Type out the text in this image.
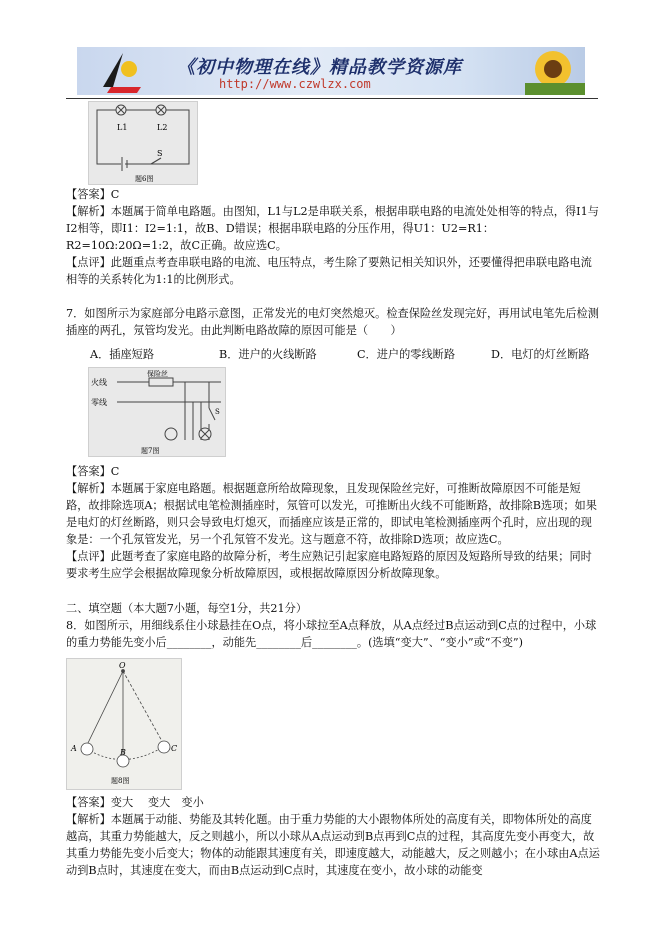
《初中物理在线》精品教学资源库
http://www.czwlzx.com
L1	L2
S
题6图

【答案】C

【解析】本题属于简单电路题。由图知，L1与L2是串联关系，根据串联电路的电流处处相等的特点，得I1与I2相等，即I1：I2=1:1，故B、D错误；根据串联电路的分压作用，得U1：U2=R1：R2=10Ω:20Ω=1:2，故C正确。故应选C。

【点评】此题重点考查串联电路的电流、电压特点，考生除了要熟记相关知识外，还要懂得把串联电路电流相等的关系转化为1:1的比例形式。

7．如图所示为家庭部分电路示意图，正常发光的电灯突然熄灭。检查保险丝发现完好，再用试电笔先后检测插座的两孔，氖管均发光。由此判断电路故障的原因可能是（　　）

A．插座短路	B．进户的火线断路	C．进户的零线断路	D．电灯的灯丝断路
火线
零线
保险丝
S
题7图

【答案】C

【解析】本题属于家庭电路题。根据题意所给故障现象，且发现保险丝完好，可推断故障原因不可能是短路，故排除选项A；根据试电笔检测插座时，氖管可以发光，可推断出火线不可能断路，故排除B选项；如果是电灯的灯丝断路，则只会导致电灯熄灭，而插座应该是正常的，即试电笔检测插座两个孔时，应出现的现象是：一个孔氖管发光，另一个孔氖管不发光。这与题意不符，故排除D选项；故应选C。

【点评】此题考查了家庭电路的故障分析，考生应熟记引起家庭电路短路的原因及短路所导致的结果；同时要求考生应学会根据故障现象分析故障原因，或根据故障原因分析故障现象。

二、填空题（本大题7小题，每空1分，共21分）

8．如图所示，用细线系住小球悬挂在O点，将小球拉至A点释放，从A点经过B点运动到C点的过程中，小球的重力势能先变小后________，动能先________后________。(选填“变大”、“变小”或“不变”)

O
A	B	C
题8图

【答案】变大　 变大　变小

【解析】本题属于动能、势能及其转化题。由于重力势能的大小跟物体所处的高度有关，即物体所处的高度越高，其重力势能越大，反之则越小，所以小球从A点运动到B点再到C点的过程，其高度先变小再变大，故其重力势能先变小后变大；物体的动能跟其速度有关，即速度越大，动能越大，反之则越小；在小球由A点运动到B点时，其速度在变大，而由B点运动到C点时，其速度在变小，故小球的动能变
